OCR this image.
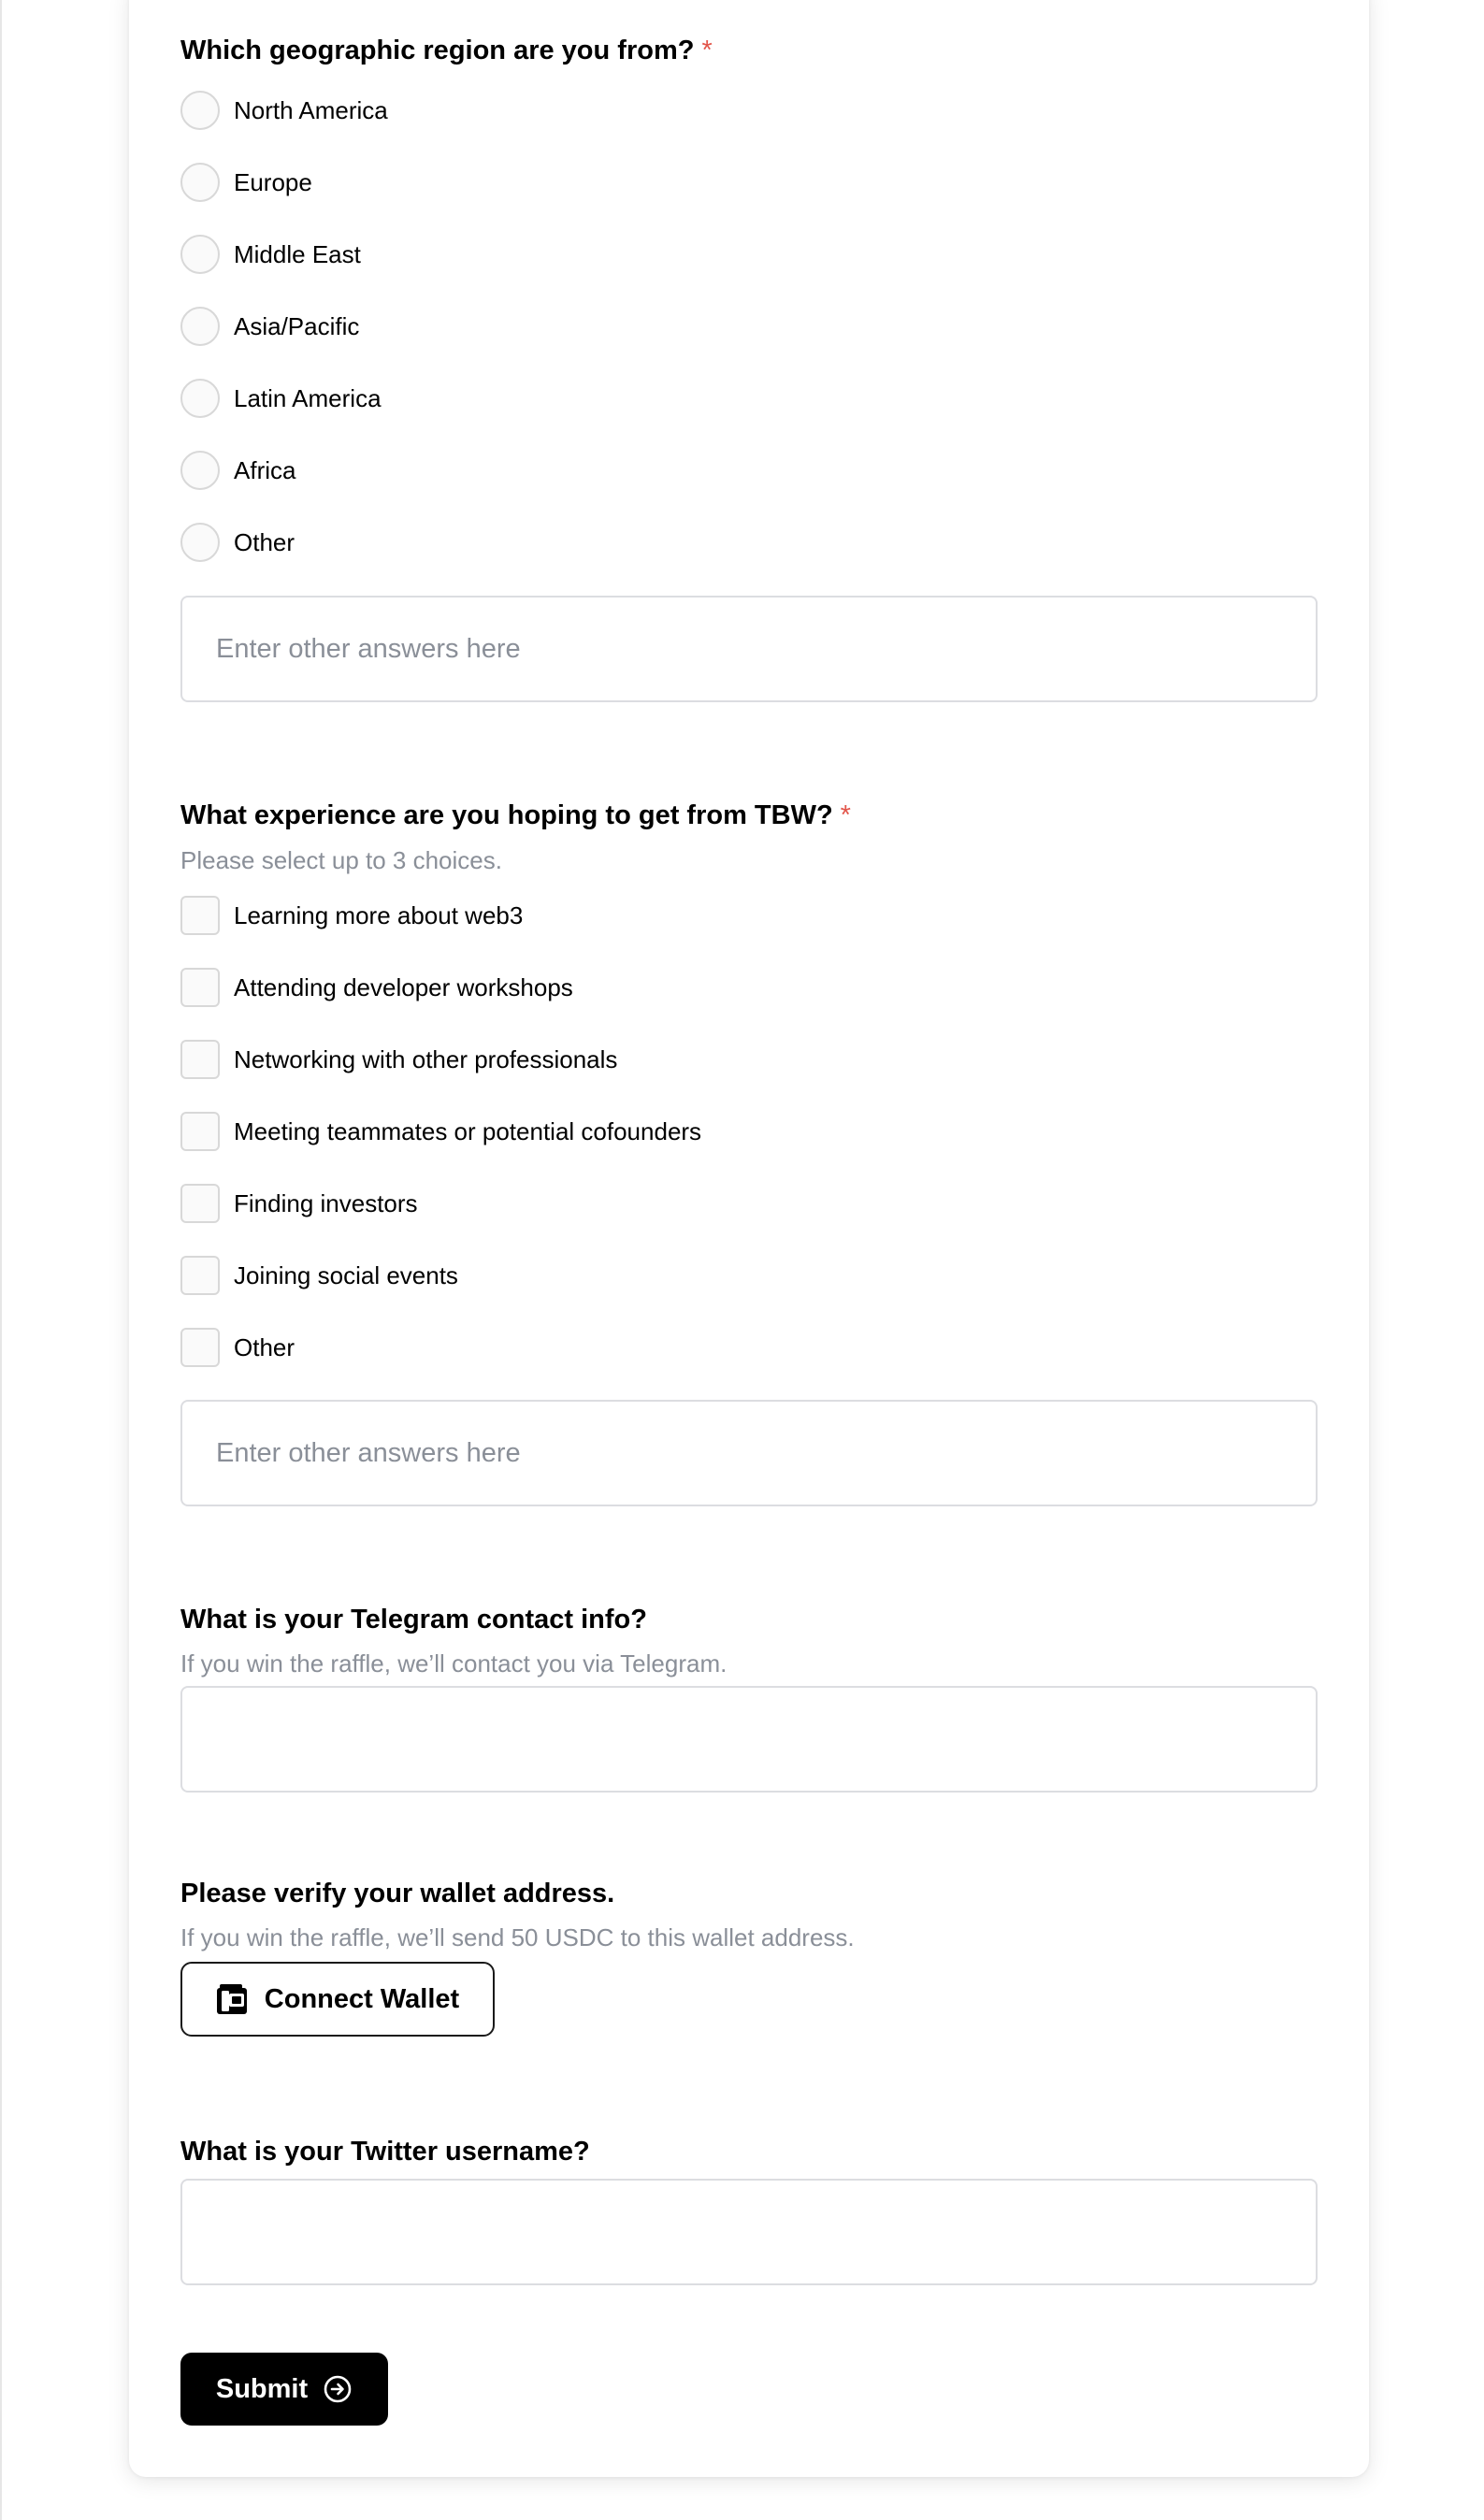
Which geographic region are you from? *
North America
Europe
Middle East
Asia/Pacific
Latin America
Africa
Other
Enter other answers here
What experience are you hoping to get from TBW? *
Please select up to 3 choices.
Learning more about web3
Attending developer workshops
Networking with other professionals
Meeting teammates or potential cofounders
Finding investors
Joining social events
Other
Enter other answers here
What is your Telegram contact info?
If you win the raffle, we’ll contact you via Telegram.
Please verify your wallet address.
If you win the raffle, we’ll send 50 USDC to this wallet address.
Connect Wallet
What is your Twitter username?
Submit
